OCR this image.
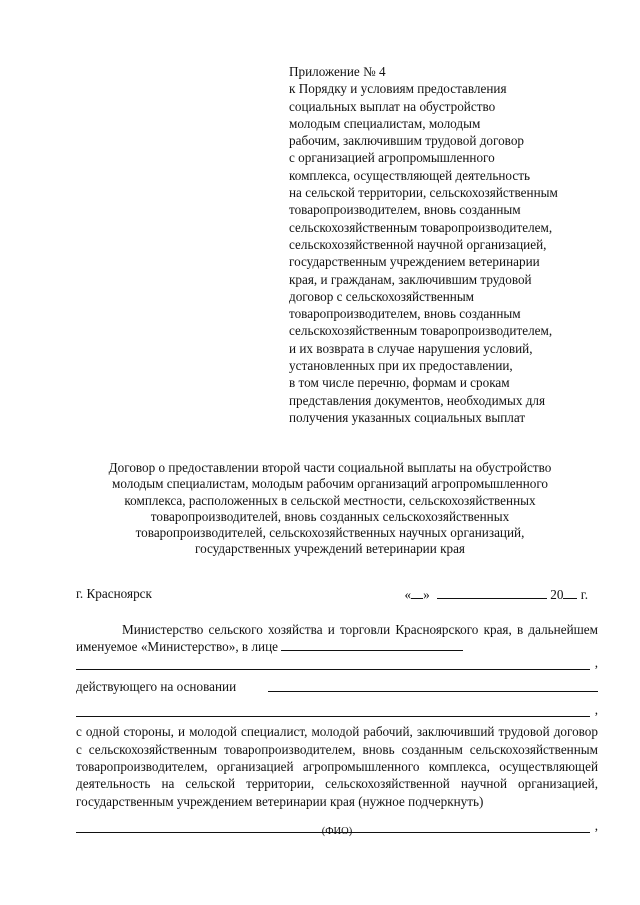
Приложение № 4
к Порядку и условиям предоставления
социальных выплат на обустройство
молодым специалистам, молодым
рабочим, заключившим трудовой договор
с организацией агропромышленного
комплекса, осуществляющей деятельность
на сельской территории, сельскохозяйственным
товаропроизводителем, вновь созданным
сельскохозяйственным товаропроизводителем,
сельскохозяйственной научной организацией,
государственным учреждением ветеринарии
края, и гражданам, заключившим трудовой
договор с сельскохозяйственным
товаропроизводителем, вновь созданным
сельскохозяйственным товаропроизводителем,
и их возврата в случае нарушения условий,
установленных при их предоставлении,
в том числе перечню, формам и срокам
представления документов, необходимых для
получения указанных социальных выплат
Договор о предоставлении второй части социальной выплаты на обустройство
молодым специалистам, молодым рабочим организаций агропромышленного
комплекса, расположенных в сельской местности, сельскохозяйственных
товаропроизводителей, вновь созданных сельскохозяйственных
товаропроизводителей, сельскохозяйственных научных организаций,
государственных учреждений ветеринарии края
г. Красноярск	« »	20 г.
Министерство сельского хозяйства и торговли Красноярского края, в дальнейшем именуемое «Министерство», в лице
,
действующего на основании
,
с одной стороны, и молодой специалист, молодой рабочий, заключивший трудовой договор с сельскохозяйственным товаропроизводителем, вновь созданным сельскохозяйственным товаропроизводителем, организацией агропромышленного комплекса, осуществляющей деятельность на сельской территории, сельскохозяйственной научной организацией, государственным учреждением ветеринарии края (нужное подчеркнуть)
,
(ФИО)
